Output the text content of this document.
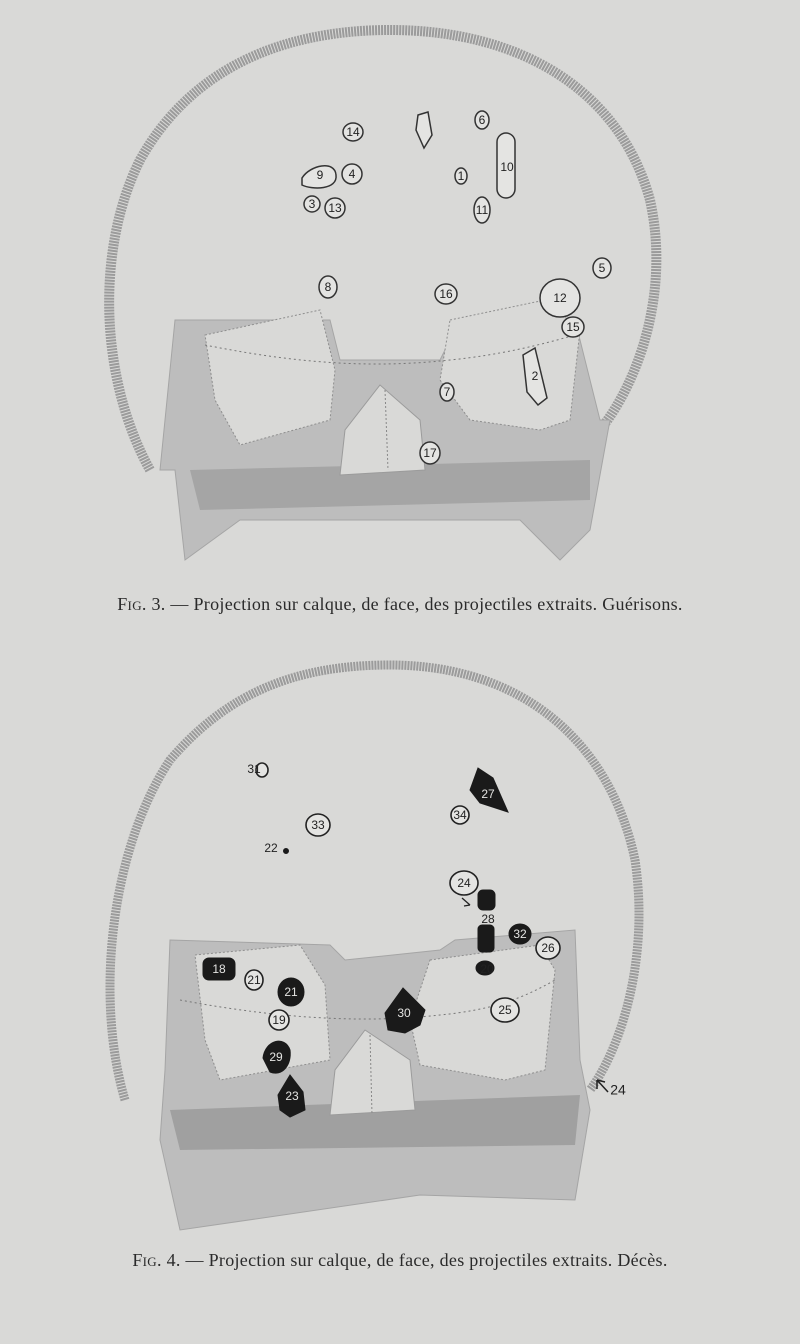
14
6
10
9 4	1
3 13	11
5
8	16	12
15
2
7
17
Fig. 3. — Projection sur calque, de face, des projectiles extraits. Guérisons.
31
27
34
33
22
24
28
32
26
18
21
21
20
19	30	25
29
23	24
Fig. 4. — Projection sur calque, de face, des projectiles extraits. Décès.
